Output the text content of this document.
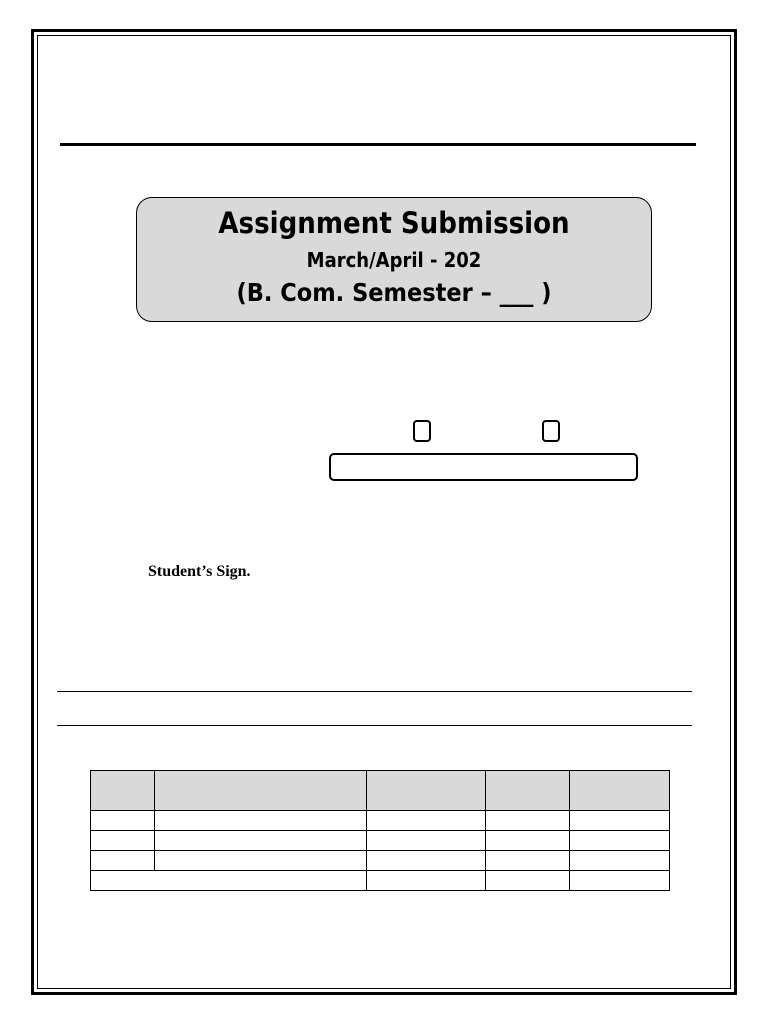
Assignment Submission
March/April - 202
(B. Com. Semester – ___ )
Student’s Sign.
